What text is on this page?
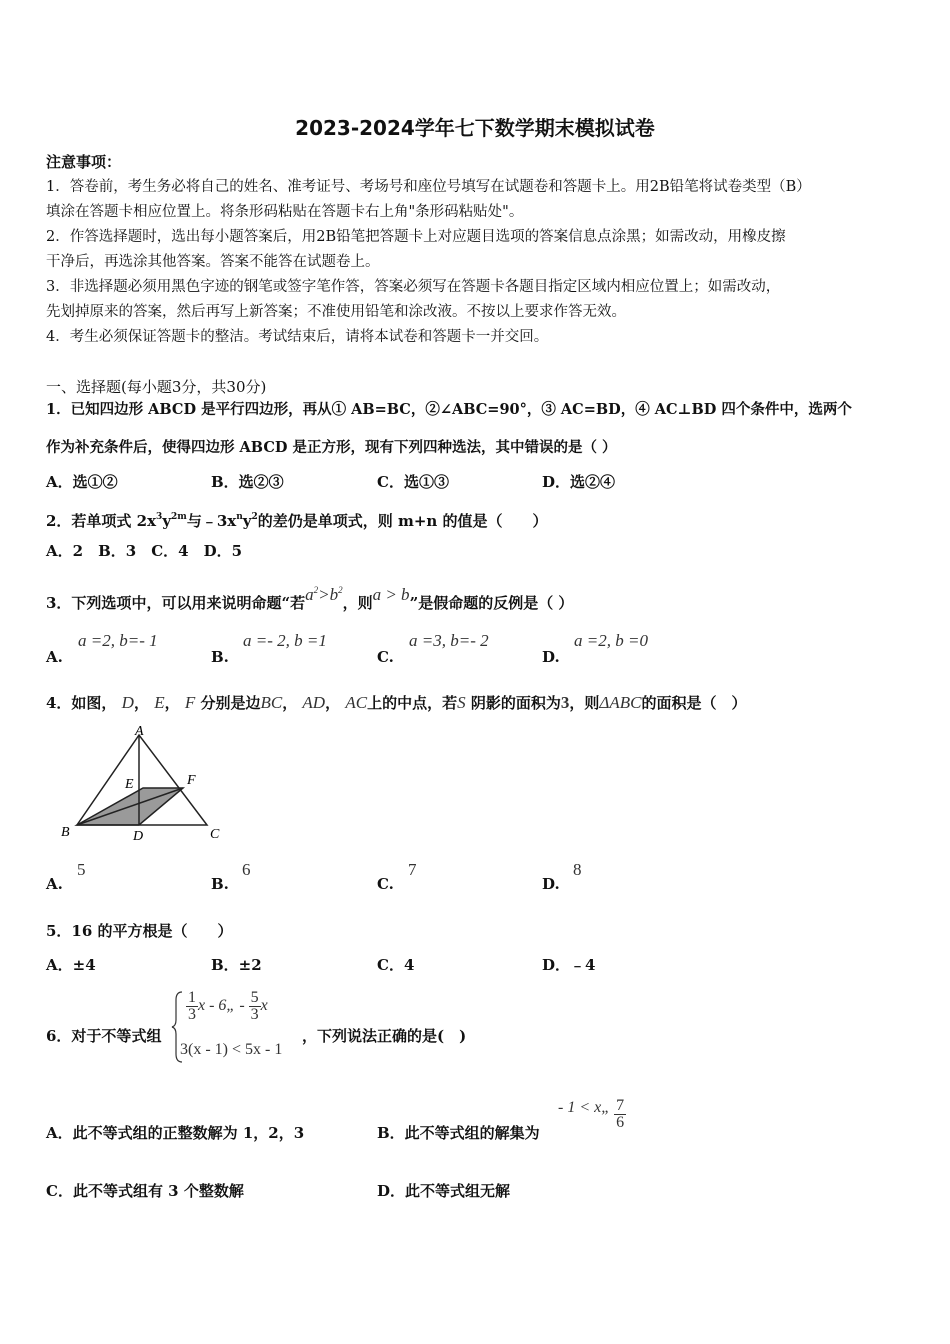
2023-2024学年七下数学期末模拟试卷
注意事项：
1．答卷前，考生务必将自己的姓名、准考证号、考场号和座位号填写在试题卷和答题卡上。用2B铅笔将试卷类型（B）
填涂在答题卡相应位置上。将条形码粘贴在答题卡右上角"条形码粘贴处"。
2．作答选择题时，选出每小题答案后，用2B铅笔把答题卡上对应题目选项的答案信息点涂黑；如需改动，用橡皮擦
干净后，再选涂其他答案。答案不能答在试题卷上。
3．非选择题必须用黑色字迹的钢笔或签字笔作答，答案必须写在答题卡各题目指定区域内相应位置上；如需改动，
先划掉原来的答案，然后再写上新答案；不准使用铅笔和涂改液。不按以上要求作答无效。
4．考生必须保证答题卡的整洁。考试结束后，请将本试卷和答题卡一并交回。
一、选择题(每小题3分，共30分)
1．已知四边形 ABCD 是平行四边形，再从① AB=BC，②∠ABC=90°，③ AC=BD，④ AC⊥BD 四个条件中，选两个
作为补充条件后，使得四边形 ABCD 是正方形，现有下列四种选法，其中错误的是（ ）
A．选①②	B．选②③	C．选①③	D．选②④
2．若单项式 $2x^3y^{2m}$与$﹣3x^ny^2$的差仍是单项式，则 m+n 的值是（　　）
A．2　B．3　C．4　D．5
3．下列选项中，可以用来说明命题“若$a^2>b^2$，则a > b”是假命题的反例是（ ）
A.
a =2, b=- 1
B.
a =- 2, b =1
C.
a =3, b=- 2
D.
a =2, b =0
4．如图， D， E， F 分别是边BC， AD， AC上的中点，若S 阴影的面积为3，则ΔABC的面积是（　）
A
B	C
D
E	F
A.
5
B.
6
C.
7
D.
8
5．16 的平方根是（　　）
A．±4	B．±2	C．4	D．﹣4
6．对于不等式组
$\frac{1}{3}$ x - 6„ - $\frac{5}{3}$ x
3(x - 1) < 5x - 1
，下列说法正确的是(　)
A．此不等式组的正整数解为 1，2，3	B．此不等式组的解集为
- 1 < x„ $\frac{7}{6}$
C．此不等式组有 3 个整数解	D．此不等式组无解
